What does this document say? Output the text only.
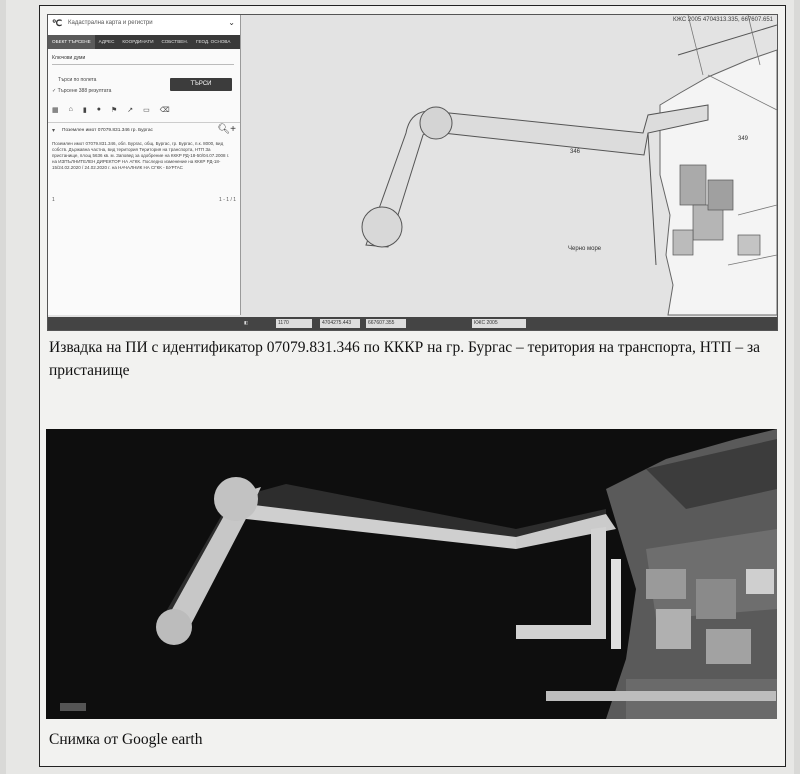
346
349
Черно море
КЖС 2005 4704313.335, 667607.651
℃ Кадастрална карта и регистри	⌄
ОБЕКТ ТЪРСЕНЕ	АДРЕС	КООРДИНАТИ	СОБСТВЕН.	ГЕОД. ОСНОВА
Ключови думи
Търси по полета
✓ Търсене 388 резултата
ТЪРСИ
▦ ⌂ ▮ ● ⚑ ↗ ▭ ⌫
▾ Поземлен имот 07079.831.346 гр. Бургас	🔍︎+
Поземлен имот 07079.831.346, обл. Бургас, общ. Бургас, гр. Бургас, п.к. 8000, вид собств. Държавна частна, вид територия Територия на транспорта, НТП За пристанище, площ 5636 кв. м. Заповед за одобрение на КККР РД-18-50/04.07.2008 г. на ИЗПЪЛНИТЕЛЕН ДИРЕКТОР НА АГКК. Последно изменение на КККР РД-18-15/24.02.2020 / 24.02.2020 г. на НАЧАЛНИК НА СГКК - БУРГАС
1	1 - 1 / 1
◧	1170	4704275.443	667607.355	КЖС 2005
Извадка на ПИ с идентификатор 07079.831.346 по КККР на гр. Бургас – територия на транспорта, НТП – за пристанище
Снимка от Google earth
